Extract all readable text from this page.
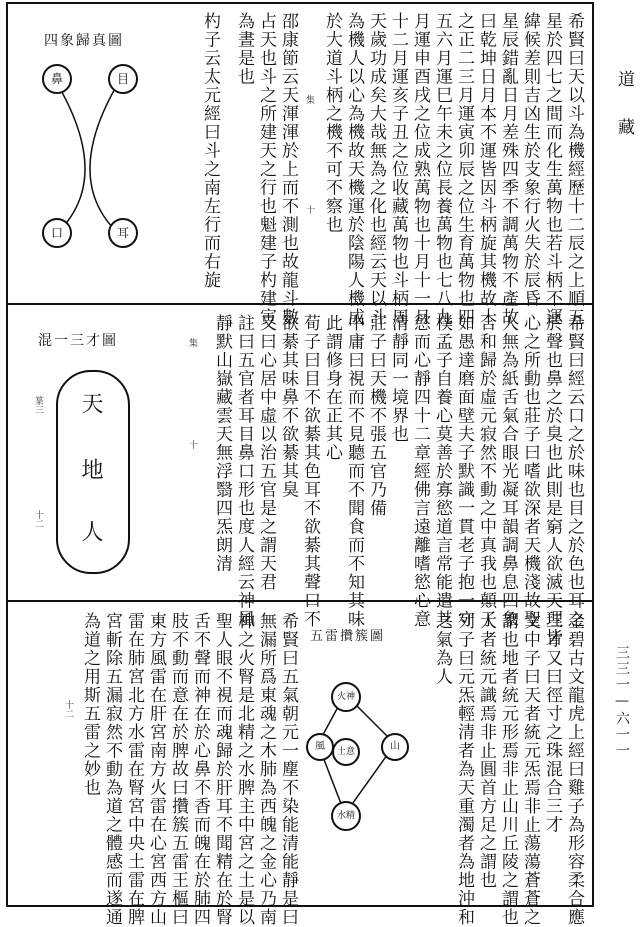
道
藏
三三一—六一一
希賢曰天以斗為機經歷十二辰之上順五
星於四七之間而化生萬物也若斗柄不運
緯候差則吉凶生於支象行火失於辰昏
星辰錯亂日月差殊四季不調萬物不產故
曰乾坤日月本不運皆因斗柄旋其機故十
之正二三月運寅卯辰之位生育萬物也四
五六月運巳午未之位長養萬物也七八九
月運申酉戌之位成熟萬物也十月十一月
十二月運亥子丑之位收藏萬物也斗柄周
天歲功成矣大哉無為之化也經云天以斗
為機人以心為機故天機運於陰陽人機成
於大道斗柄之機不可不察也
邵康節云天渾渾於上而不測也故龍斗數
占天也斗之所建天之行也魁建子杓建寅
為晝是也
杓子云太元經曰斗之南左行而右旋	集
十
四象歸真圖
鼻	目
口	耳
希賢曰經云口之於味也目之於色也耳之
於聲也鼻之於臭也此則是窮人欲滅天理皆
心之所動也莊子曰嗜欲深者天機淺故聖
人無為紙舌氣合眼光凝耳韻調鼻息四象
合和歸於虛元寂然不動之中真我也顛子
如愚達磨面壁夫子默識一貫老子抱一守
樸孟子自養心莫善於寡慾道言常能遣其
慾而心靜四十二章經佛言遠離嗜慾心意
清靜同一境界也
莊子曰天機不張五官乃備
中庸曰視而不見聽而不聞食而不知其味
此謂修身在正其心
荀子曰目不欲綦其色耳不欲綦其聲口不
欲綦其味鼻不欲綦其臭
又曰心居中虛以治五官是之謂天君
註曰五官者耳目鼻口形也度人經云神風
靜默山嶽藏雲天無浮翳四炁朗清
混一三才圖
天
地
人
篆三
十二
集
十
金碧古文龍虎上經曰雞子為形容柔合應
三才又曰徑寸之珠混合三才
文中子曰天者統元炁焉非止蕩蕩蒼蒼之
謂也地者統元形焉非止山川丘陵之謂也
人者統元識焉非止圓首方足之謂也
列子曰元炁輕清者為天重濁者為地沖和
之氣為人
希賢曰五氣朝元一塵不染能清能靜是曰
無漏所爲東魂之木肺為西魄之金心乃南
神之火腎是北精之水脾主中宮之土是以
聖人眼不視而魂歸於肝耳不聞精在於腎
舌不聲而神在於心鼻不香而魄在於肺四
肢不動而意在於脾故曰攢簇五雷王樞曰
東方風雷在肝宮南方火雷在心宮西方山
雷在肺宮北方水雷在腎宮中央土雷在脾
宮斬除五漏寂然不動為道之體感而遂通
為道之用斯五雷之妙也
十二
五雷攢簇圖
火神
山
土意
水精
風
